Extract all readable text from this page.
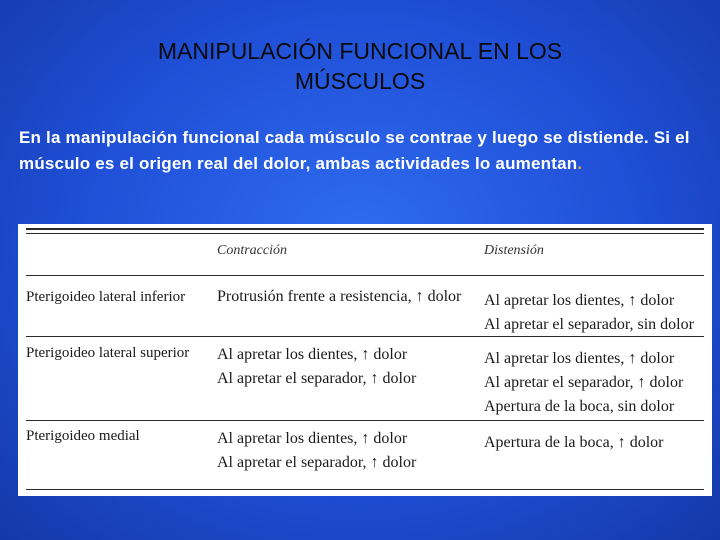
MANIPULACIÓN FUNCIONAL EN LOS
MÚSCULOS
En la manipulación funcional cada músculo se contrae y luego se distiende. Si el músculo es el origen real del dolor, ambas actividades lo aumentan.
Contracción	Distensión
Pterigoideo lateral inferior Protrusión frente a resistencia, ↑ dolor Al apretar los dientes, ↑ dolor
Al apretar el separador, sin dolor
Pterigoideo lateral superior Al apretar los dientes, ↑ dolor
Al apretar el separador, ↑ dolor
Al apretar los dientes, ↑ dolor
Al apretar el separador, ↑ dolor
Apertura de la boca, sin dolor
Pterigoideo medial	Al apretar los dientes, ↑ dolor
Al apretar el separador, ↑ dolor
Apertura de la boca, ↑ dolor
